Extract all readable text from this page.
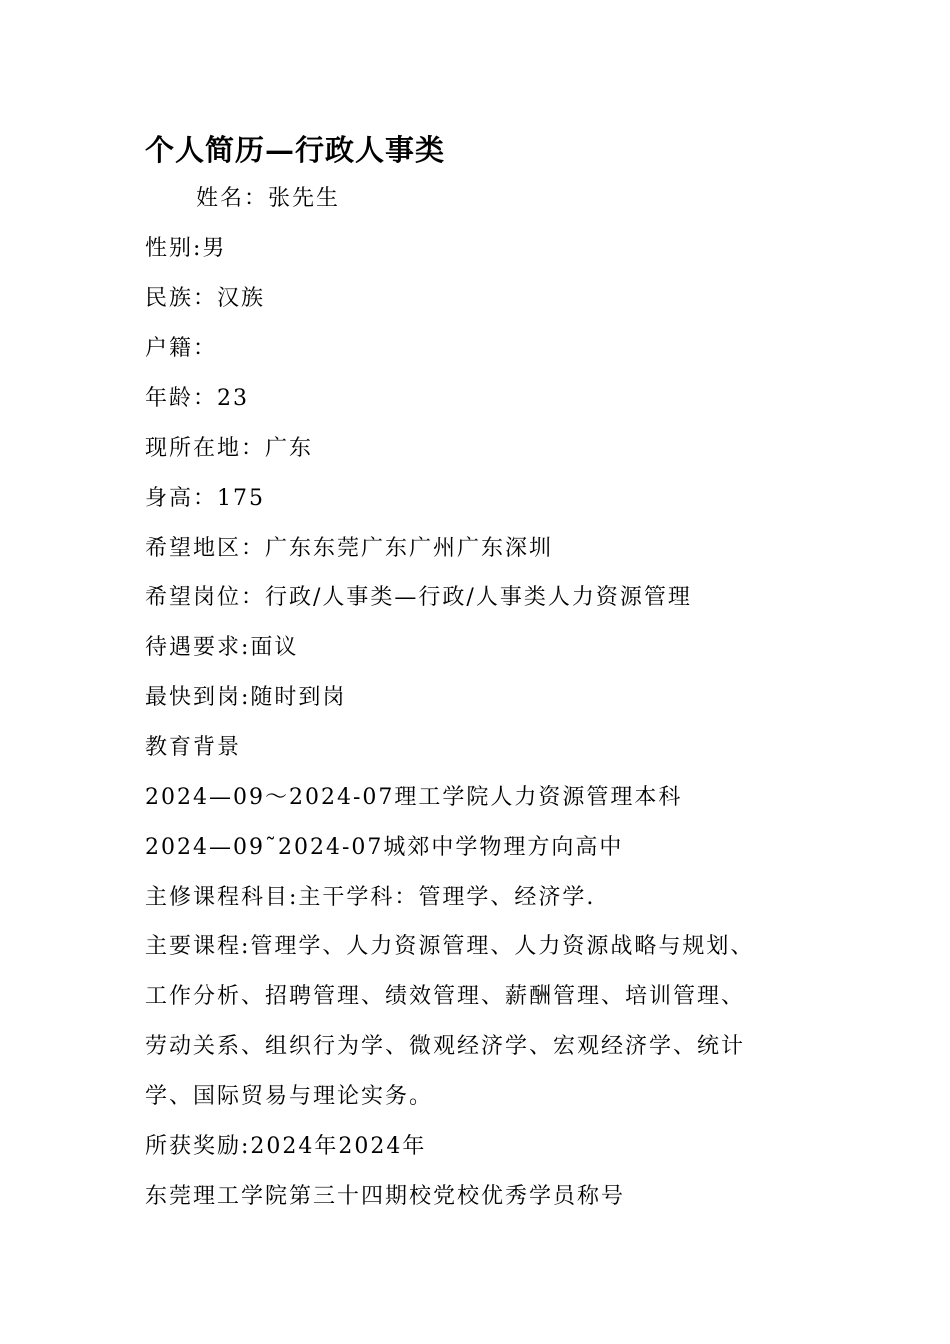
个人简历—行政人事类
姓名：张先生
性别:男
民族：汉族
户籍：
年龄：23
现所在地：广东
身高：175
希望地区：广东东莞广东广州广东深圳
希望岗位：行政/人事类—行政/人事类人力资源管理
待遇要求:面议
最快到岗:随时到岗
教育背景
2024—09～2024-07理工学院人力资源管理本科
2024—09˜2024-07城郊中学物理方向高中
主修课程科目:主干学科：管理学、经济学.
主要课程:管理学、人力资源管理、人力资源战略与规划、
工作分析、招聘管理、绩效管理、薪酬管理、培训管理、
劳动关系、组织行为学、微观经济学、宏观经济学、统计
学、国际贸易与理论实务。
所获奖励:2024年2024年
东莞理工学院第三十四期校党校优秀学员称号
